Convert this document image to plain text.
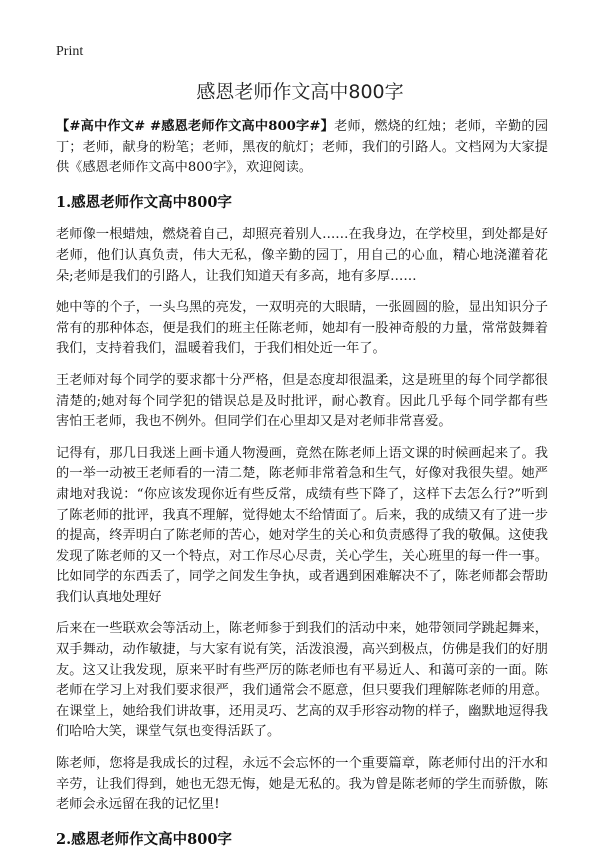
Print
感恩老师作文高中800字

【#高中作文# #感恩老师作文高中800字#】老师，燃烧的红烛；老师，辛勤的园丁；老师，献身的粉笔；老师，黑夜的航灯；老师，我们的引路人。文档网为大家提供《感恩老师作文高中800字》，欢迎阅读。

1.感恩老师作文高中800字

老师像一根蜡烛，燃烧着自己，却照亮着别人……在我身边，在学校里，到处都是好老师，他们认真负责，伟大无私，像辛勤的园丁，用自己的心血，精心地浇灌着花朵;老师是我们的引路人，让我们知道天有多高，地有多厚……

她中等的个子，一头乌黑的亮发，一双明亮的大眼睛，一张圆圆的脸，显出知识分子常有的那种体态，便是我们的班主任陈老师，她却有一股神奇般的力量，常常鼓舞着我们，支持着我们，温暖着我们，于我们相处近一年了。

王老师对每个同学的要求都十分严格，但是态度却很温柔，这是班里的每个同学都很清楚的;她对每个同学犯的错误总是及时批评，耐心教育。因此几乎每个同学都有些害怕王老师，我也不例外。但同学们在心里却又是对老师非常喜爱。

记得有，那几日我迷上画卡通人物漫画，竟然在陈老师上语文课的时候画起来了。我的一举一动被王老师看的一清二楚，陈老师非常着急和生气，好像对我很失望。她严肃地对我说：“你应该发现你近有些反常，成绩有些下降了，这样下去怎么行?”听到了陈老师的批评，我真不理解，觉得她太不给情面了。后来，我的成绩又有了进一步的提高，终弄明白了陈老师的苦心，她对学生的关心和负责感得了我的敬佩。这使我发现了陈老师的又一个特点，对工作尽心尽责，关心学生，关心班里的每一件一事。比如同学的东西丢了，同学之间发生争执，或者遇到困难解决不了，陈老师都会帮助我们认真地处理好

后来在一些联欢会等活动上，陈老师参于到我们的活动中来，她带领同学跳起舞来，双手舞动，动作敏捷，与大家有说有笑，活泼浪漫，高兴到极点，仿佛是我们的好朋友。这又让我发现，原来平时有些严厉的陈老师也有平易近人、和蔼可亲的一面。陈老师在学习上对我们要求很严，我们通常会不愿意，但只要我们理解陈老师的用意。在课堂上，她给我们讲故事，还用灵巧、艺高的双手形容动物的样子，幽默地逗得我们哈哈大笑，课堂气氛也变得活跃了。

陈老师，您将是我成长的过程，永远不会忘怀的一个重要篇章，陈老师付出的汗水和辛劳，让我们得到，她也无怨无悔，她是无私的。我为曾是陈老师的学生而骄傲，陈老师会永远留在我的记忆里!

2.感恩老师作文高中800字
